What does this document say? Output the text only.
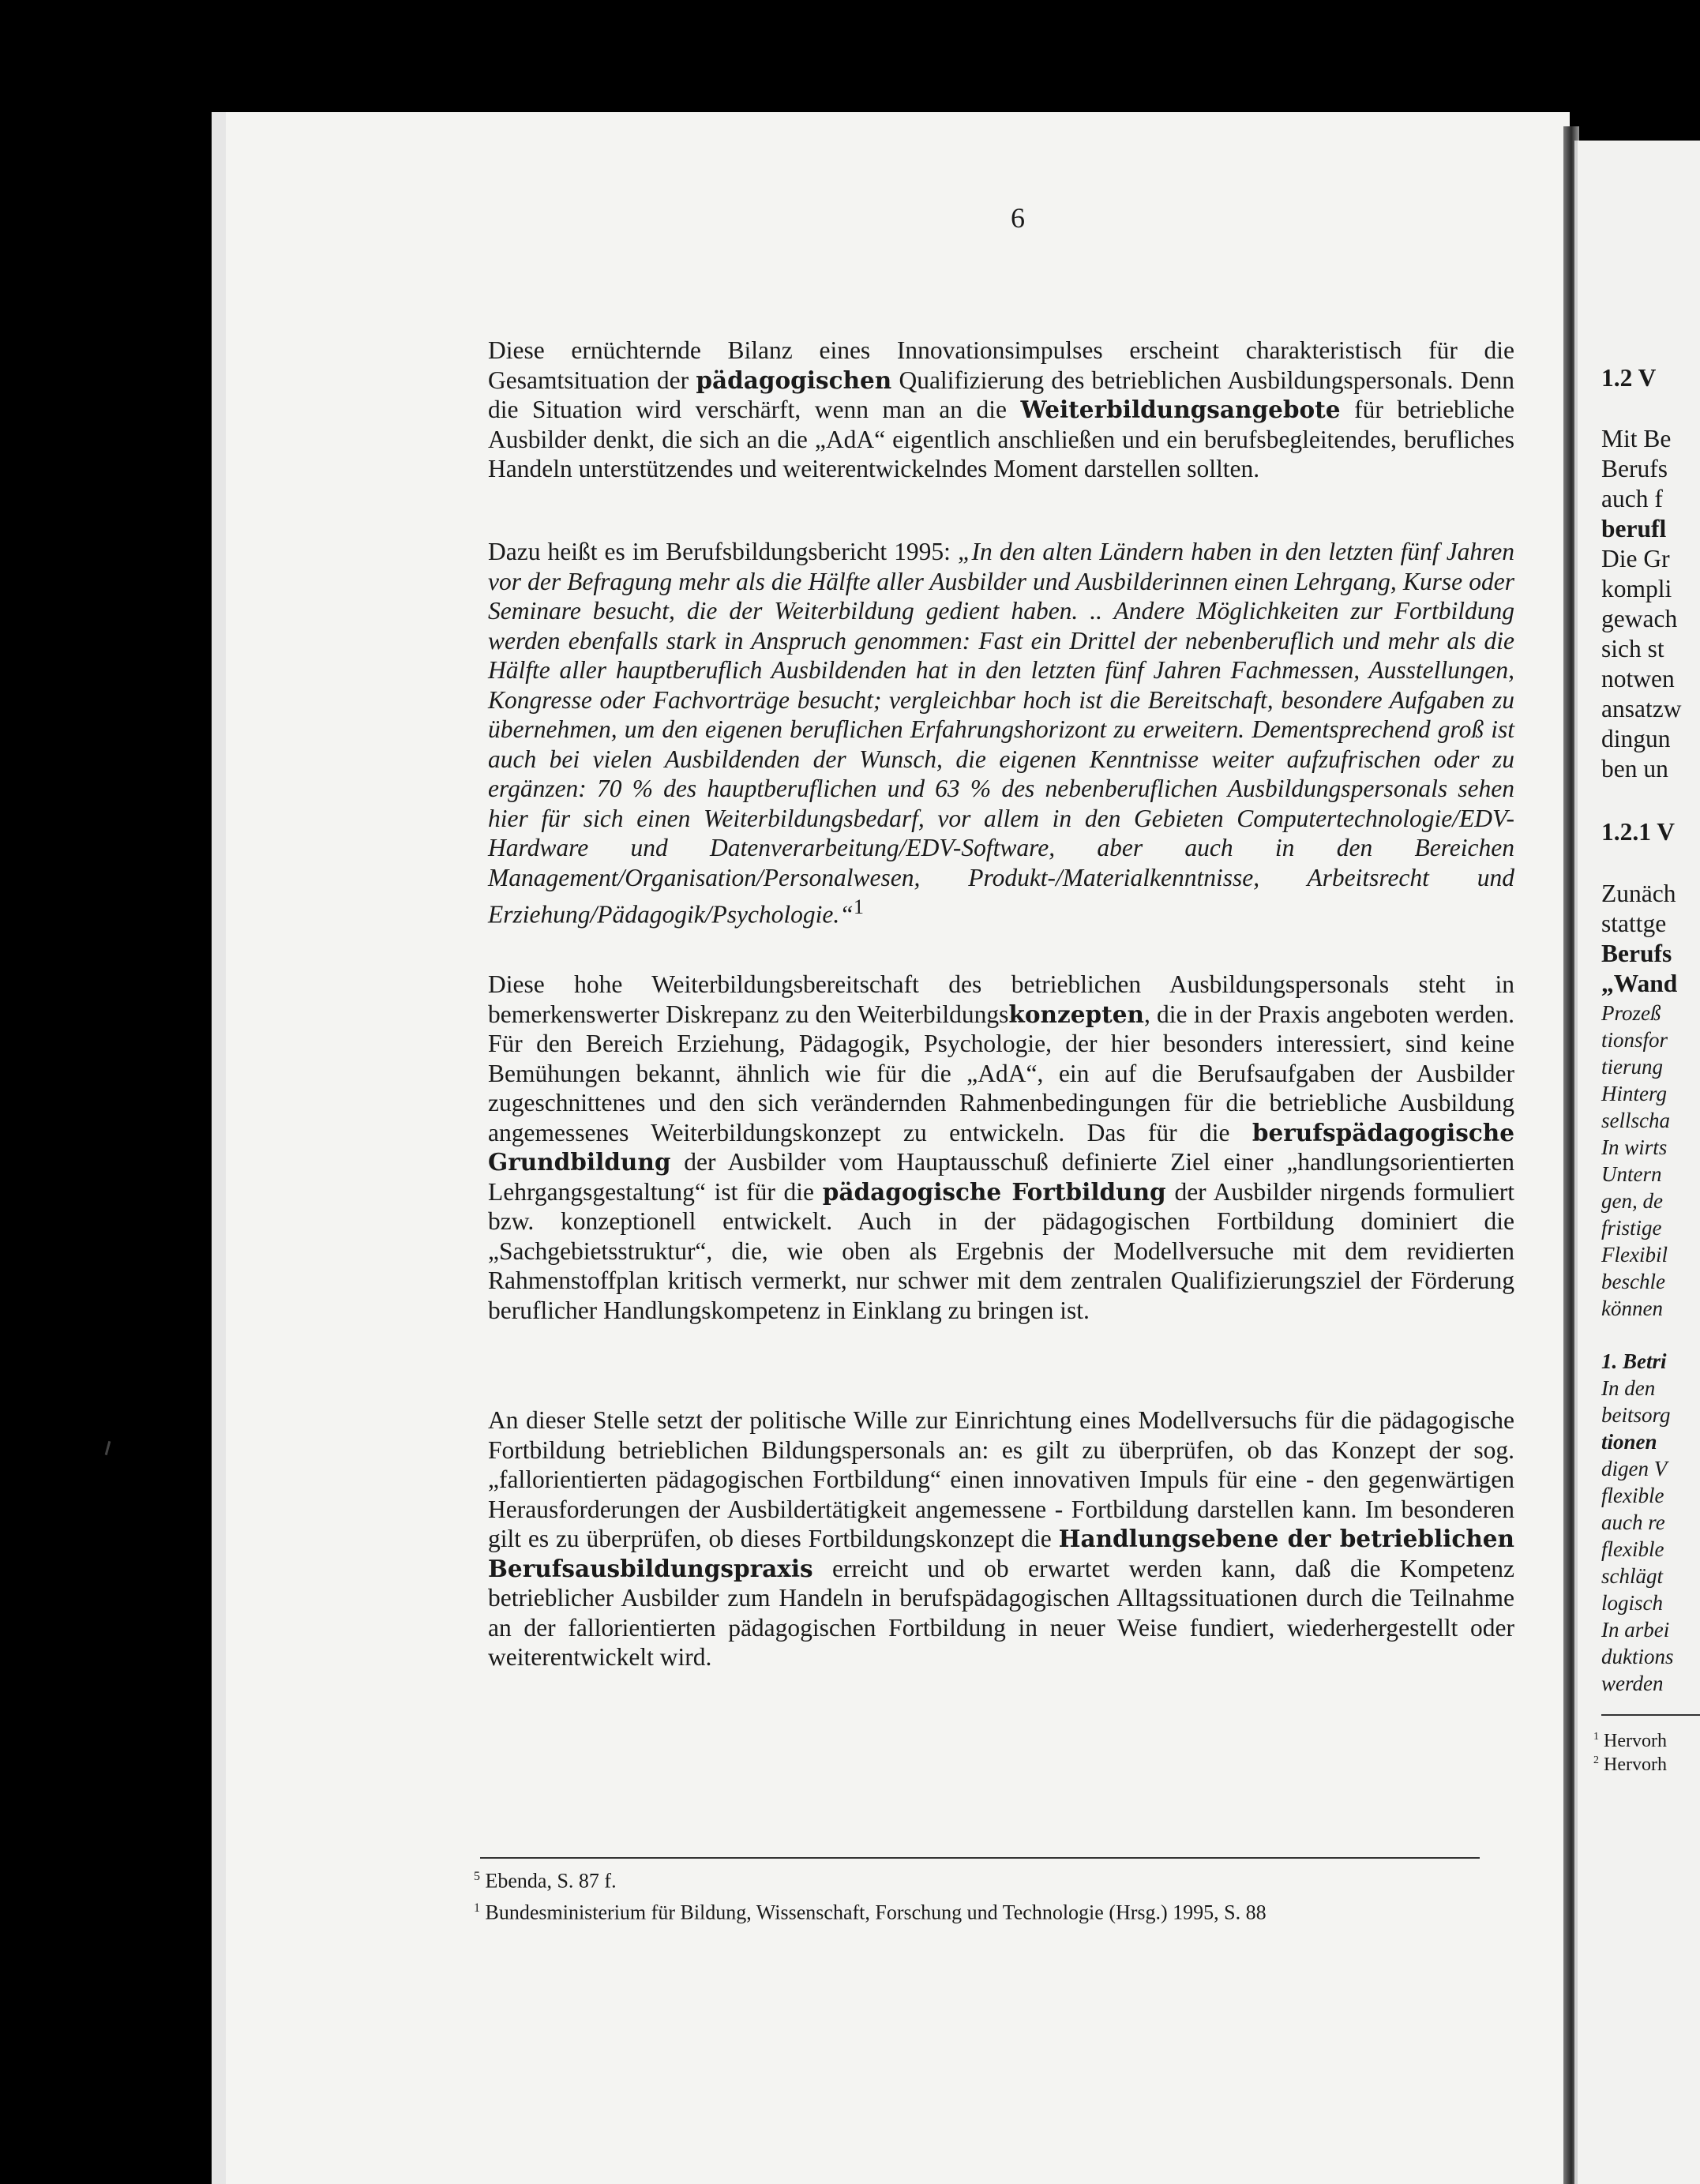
1.2 V
Mit Be
Berufs
auch f
berufl
Die Gr
kompli
gewach
sich st
notwen
ansatzw
dingun
ben un
1.2.1 V
Zunäch
stattge
Berufs
„Wand
Prozeß
tionsfor
tierung
Hinterg
sellscha
In wirts
Untern
gen, de
fristige
Flexibil
beschle
können
1. Betri
In den
beitsorg
tionen
digen V
flexible
auch re
flexible
schlägt
logisch
In arbei
duktions
werden
$^1$ Hervorh
$^2$ Hervorh
6

Diese ernüchternde Bilanz eines Innovationsimpulses erscheint charakteristisch für die Gesamtsituation der pädagogischen Qualifizierung des betrieblichen Ausbildungspersonals. Denn die Situation wird verschärft, wenn man an die Weiterbildungsangebote für betriebliche Ausbilder denkt, die sich an die „AdA“ eigentlich anschließen und ein berufsbegleitendes, berufliches Handeln unterstützendes und weiterentwickelndes Moment darstellen sollten.

Dazu heißt es im Berufsbildungsbericht 1995: „In den alten Ländern haben in den letzten fünf Jahren vor der Befragung mehr als die Hälfte aller Ausbilder und Ausbilderinnen einen Lehrgang, Kurse oder Seminare besucht, die der Weiterbildung gedient haben. .. Andere Möglichkeiten zur Fortbildung werden ebenfalls stark in Anspruch genommen: Fast ein Drittel der nebenberuflich und mehr als die Hälfte aller hauptberuflich Ausbildenden hat in den letzten fünf Jahren Fachmessen, Ausstellungen, Kongresse oder Fachvorträge besucht; vergleichbar hoch ist die Bereitschaft, besondere Aufgaben zu übernehmen, um den eigenen beruflichen Erfahrungshorizont zu erweitern. Dementsprechend groß ist auch bei vielen Ausbildenden der Wunsch, die eigenen Kenntnisse weiter aufzufrischen oder zu ergänzen: 70 % des hauptberuflichen und 63 % des nebenberuflichen Ausbildungspersonals sehen hier für sich einen Weiterbildungsbedarf, vor allem in den Gebieten Computertechnologie/EDV-Hardware und Datenverarbeitung/EDV-Software, aber auch in den Bereichen Management/Organisation/Personalwesen, Produkt-/Materialkenntnisse, Arbeitsrecht und Erziehung/Pädagogik/Psychologie.“$^1$

Diese hohe Weiterbildungsbereitschaft des betrieblichen Ausbildungspersonals steht in bemerkenswerter Diskrepanz zu den Weiterbildungskonzepten, die in der Praxis angeboten werden. Für den Bereich Erziehung, Pädagogik, Psychologie, der hier besonders interessiert, sind keine Bemühungen bekannt, ähnlich wie für die „AdA“, ein auf die Berufsaufgaben der Ausbilder zugeschnittenes und den sich verändernden Rahmenbedingungen für die betriebliche Ausbildung angemessenes Weiterbildungskonzept zu entwickeln. Das für die berufspädagogische Grundbildung der Ausbilder vom Hauptausschuß definierte Ziel einer „handlungsorientierten Lehrgangsgestaltung“ ist für die pädagogische Fortbildung der Ausbilder nirgends formuliert bzw. konzeptionell entwickelt. Auch in der pädagogischen Fortbildung dominiert die „Sachgebietsstruktur“, die, wie oben als Ergebnis der Modellversuche mit dem revidierten Rahmenstoffplan kritisch vermerkt, nur schwer mit dem zentralen Qualifizierungsziel der Förderung beruflicher Handlungskompetenz in Einklang zu bringen ist.

An dieser Stelle setzt der politische Wille zur Einrichtung eines Modellversuchs für die pädagogische Fortbildung betrieblichen Bildungspersonals an: es gilt zu überprüfen, ob das Konzept der sog. „fallorientierten pädagogischen Fortbildung“ einen innovativen Impuls für eine - den gegenwärtigen Herausforderungen der Ausbildertätigkeit angemessene - Fortbildung darstellen kann. Im besonderen gilt es zu überprüfen, ob dieses Fortbildungskonzept die Handlungsebene der betrieblichen Berufsausbildungspraxis erreicht und ob erwartet werden kann, daß die Kompetenz betrieblicher Ausbilder zum Handeln in berufspädagogischen Alltagssituationen durch die Teilnahme an der fallorientierten pädagogischen Fortbildung in neuer Weise fundiert, wiederhergestellt oder weiterentwickelt wird.

$^5$ Ebenda, S. 87 f.
$^1$ Bundesministerium für Bildung, Wissenschaft, Forschung und Technologie (Hrsg.) 1995, S. 88
